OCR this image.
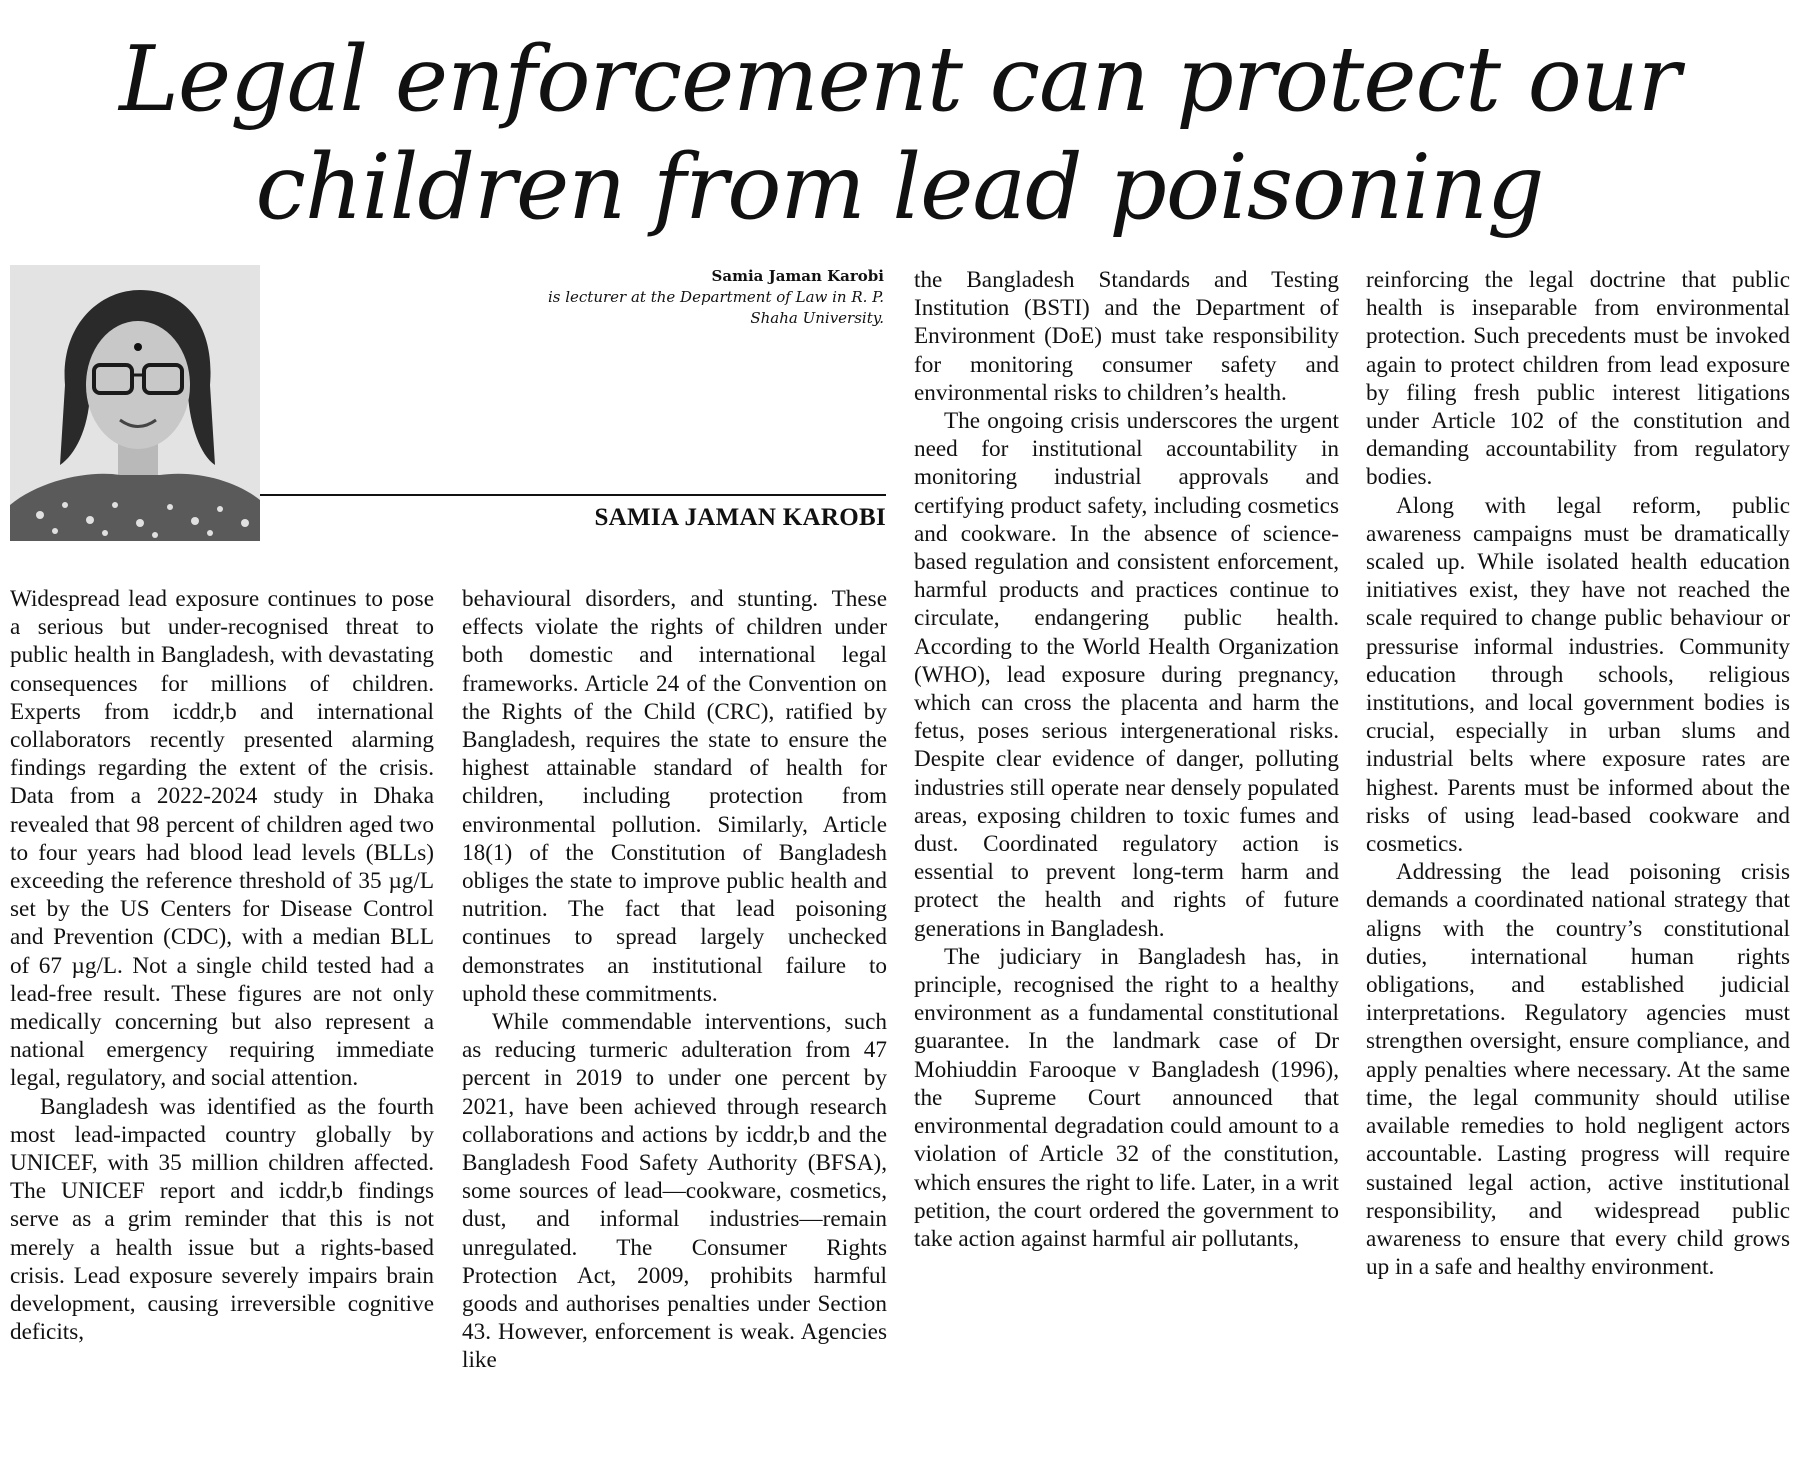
Legal enforcement can protect our
children from lead poisoning
Samia Jaman Karobi
is lecturer at the Department of Law in R. P.
Shaha University.
SAMIA JAMAN KAROBI

Widespread lead exposure continues to pose a serious but under-recognised threat to public health in Bangladesh, with devastating consequences for millions of children. Experts from icddr,b and international collaborators recently presented alarming findings regarding the extent of the crisis. Data from a 2022-2024 study in Dhaka revealed that 98 percent of children aged two to four years had blood lead levels (BLLs) exceeding the reference threshold of 35 µg/L set by the US Centers for Disease Control and Prevention (CDC), with a median BLL of 67 µg/L. Not a single child tested had a lead-free result. These figures are not only medically concerning but also represent a national emergency requiring immediate legal, regulatory, and social attention.

Bangladesh was identified as the fourth most lead-impacted country globally by UNICEF, with 35 million children affected. The UNICEF report and icddr,b findings serve as a grim reminder that this is not merely a health issue but a rights-based crisis. Lead exposure severely impairs brain development, causing irreversible cognitive deficits,

behavioural disorders, and stunting. These effects violate the rights of children under both domestic and international legal frameworks. Article 24 of the Convention on the Rights of the Child (CRC), ratified by Bangladesh, requires the state to ensure the highest attainable standard of health for children, including protection from environmental pollution. Similarly, Article 18(1) of the Constitution of Bangladesh obliges the state to improve public health and nutrition. The fact that lead poisoning continues to spread largely unchecked demonstrates an institutional failure to uphold these commitments.

While commendable interventions, such as reducing turmeric adulteration from 47 percent in 2019 to under one percent by 2021, have been achieved through research collaborations and actions by icddr,b and the Bangladesh Food Safety Authority (BFSA), some sources of lead—cookware, cosmetics, dust, and informal industries—remain unregulated. The Consumer Rights Protection Act, 2009, prohibits harmful goods and authorises penalties under Section 43. However, enforcement is weak. Agencies like

the Bangladesh Standards and Testing Institution (BSTI) and the Department of Environment (DoE) must take responsibility for monitoring consumer safety and environmental risks to children’s health.

The ongoing crisis underscores the urgent need for institutional accountability in monitoring industrial approvals and certifying product safety, including cosmetics and cookware. In the absence of science-based regulation and consistent enforcement, harmful products and practices continue to circulate, endangering public health. According to the World Health Organization (WHO), lead exposure during pregnancy, which can cross the placenta and harm the fetus, poses serious intergenerational risks. Despite clear evidence of danger, polluting industries still operate near densely populated areas, exposing children to toxic fumes and dust. Coordinated regulatory action is essential to prevent long-term harm and protect the health and rights of future generations in Bangladesh.

The judiciary in Bangladesh has, in principle, recognised the right to a healthy environment as a fundamental constitutional guarantee. In the landmark case of Dr Mohiuddin Farooque v Bangladesh (1996), the Supreme Court announced that environmental degradation could amount to a violation of Article 32 of the constitution, which ensures the right to life. Later, in a writ petition, the court ordered the government to take action against harmful air pollutants,

reinforcing the legal doctrine that public health is inseparable from environmental protection. Such precedents must be invoked again to protect children from lead exposure by filing fresh public interest litigations under Article 102 of the constitution and demanding accountability from regulatory bodies.

Along with legal reform, public awareness campaigns must be dramatically scaled up. While isolated health education initiatives exist, they have not reached the scale required to change public behaviour or pressurise informal industries. Community education through schools, religious institutions, and local government bodies is crucial, especially in urban slums and industrial belts where exposure rates are highest. Parents must be informed about the risks of using lead-based cookware and cosmetics.

Addressing the lead poisoning crisis demands a coordinated national strategy that aligns with the country’s constitutional duties, international human rights obligations, and established judicial interpretations. Regulatory agencies must strengthen oversight, ensure compliance, and apply penalties where necessary. At the same time, the legal community should utilise available remedies to hold negligent actors accountable. Lasting progress will require sustained legal action, active institutional responsibility, and widespread public awareness to ensure that every child grows up in a safe and healthy environment.
